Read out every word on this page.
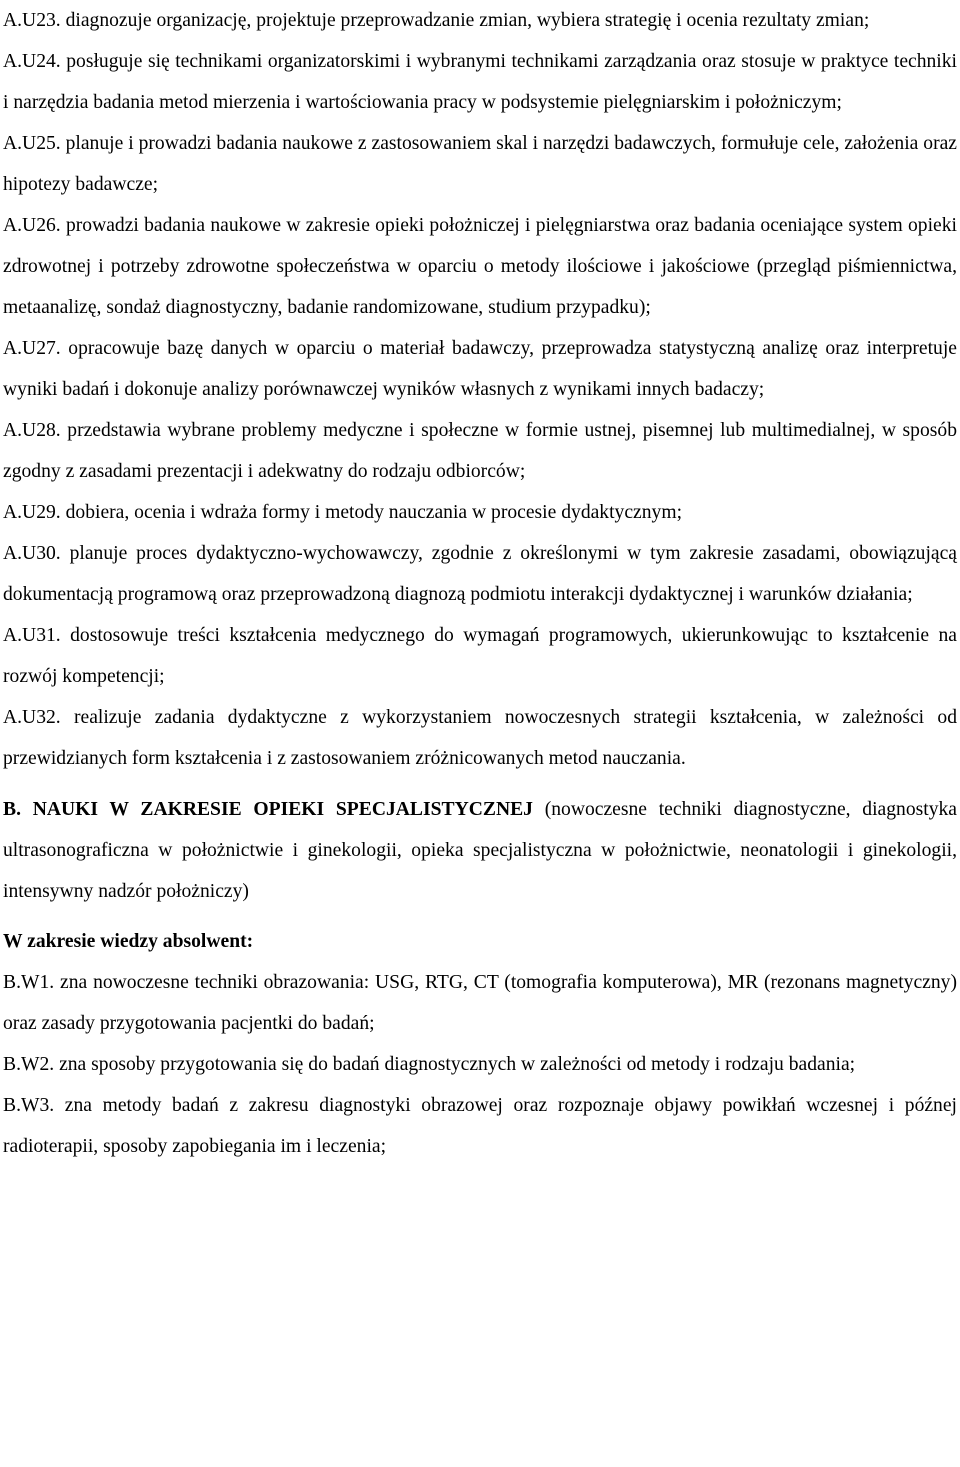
A.U23. diagnozuje organizację, projektuje przeprowadzanie zmian, wybiera strategię i ocenia rezultaty zmian;

A.U24. posługuje się technikami organizatorskimi i wybranymi technikami zarządzania oraz stosuje w praktyce techniki i narzędzia badania metod mierzenia i wartościowania pracy w podsystemie pielęgniarskim i położniczym;

A.U25. planuje i prowadzi badania naukowe z zastosowaniem skal i narzędzi badawczych, formułuje cele, założenia oraz hipotezy badawcze;

A.U26. prowadzi badania naukowe w zakresie opieki położniczej i pielęgniarstwa oraz badania oceniające system opieki zdrowotnej i potrzeby zdrowotne społeczeństwa w oparciu o metody ilościowe i jakościowe (przegląd piśmiennictwa, metaanalizę, sondaż diagnostyczny, badanie randomizowane, studium przypadku);

A.U27. opracowuje bazę danych w oparciu o materiał badawczy, przeprowadza statystyczną analizę oraz interpretuje wyniki badań i dokonuje analizy porównawczej wyników własnych z wynikami innych badaczy;

A.U28. przedstawia wybrane problemy medyczne i społeczne w formie ustnej, pisemnej lub multimedialnej, w sposób zgodny z zasadami prezentacji i adekwatny do rodzaju odbiorców;

A.U29. dobiera, ocenia i wdraża formy i metody nauczania w procesie dydaktycznym;

A.U30. planuje proces dydaktyczno-wychowawczy, zgodnie z określonymi w tym zakresie zasadami, obowiązującą dokumentacją programową oraz przeprowadzoną diagnozą podmiotu interakcji dydaktycznej i warunków działania;

A.U31. dostosowuje treści kształcenia medycznego do wymagań programowych, ukierunkowując to kształcenie na rozwój kompetencji;

A.U32. realizuje zadania dydaktyczne z wykorzystaniem nowoczesnych strategii kształcenia, w zależności od przewidzianych form kształcenia i z zastosowaniem zróżnicowanych metod nauczania.

B. NAUKI W ZAKRESIE OPIEKI SPECJALISTYCZNEJ (nowoczesne techniki diagnostyczne, diagnostyka ultrasonograficzna w położnictwie i ginekologii, opieka specjalistyczna w położnictwie, neonatologii i ginekologii, intensywny nadzór położniczy)

W zakresie wiedzy absolwent:

B.W1. zna nowoczesne techniki obrazowania: USG, RTG, CT (tomografia komputerowa), MR (rezonans magnetyczny) oraz zasady przygotowania pacjentki do badań;

B.W2. zna sposoby przygotowania się do badań diagnostycznych w zależności od metody i rodzaju badania;

B.W3. zna metody badań z zakresu diagnostyki obrazowej oraz rozpoznaje objawy powikłań wczesnej i późnej radioterapii, sposoby zapobiegania im i leczenia;
